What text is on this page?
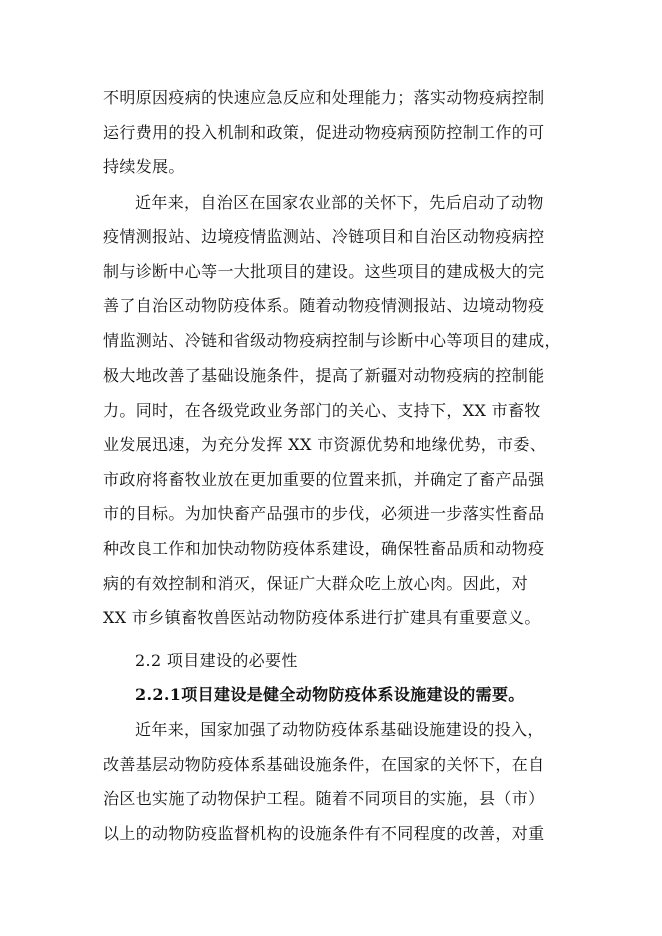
不明原因疫病的快速应急反应和处理能力；落实动物疫病控制
运行费用的投入机制和政策，促进动物疫病预防控制工作的可
持续发展。
近年来，自治区在国家农业部的关怀下，先后启动了动物
疫情测报站、边境疫情监测站、冷链项目和自治区动物疫病控
制与诊断中心等一大批项目的建设。这些项目的建成极大的完
善了自治区动物防疫体系。随着动物疫情测报站、边境动物疫
情监测站、冷链和省级动物疫病控制与诊断中心等项目的建成，
极大地改善了基础设施条件，提高了新疆对动物疫病的控制能
力。同时，在各级党政业务部门的关心、支持下，XX 市畜牧
业发展迅速，为充分发挥 XX 市资源优势和地缘优势，市委、
市政府将畜牧业放在更加重要的位置来抓，并确定了畜产品强
市的目标。为加快畜产品强市的步伐，必须进一步落实性畜品
种改良工作和加快动物防疫体系建设，确保牲畜品质和动物疫
病的有效控制和消灭，保证广大群众吃上放心肉。因此，对
XX 市乡镇畜牧兽医站动物防疫体系进行扩建具有重要意义。
2.2 项目建设的必要性
2.2.1项目建设是健全动物防疫体系设施建设的需要。
近年来，国家加强了动物防疫体系基础设施建设的投入，
改善基层动物防疫体系基础设施条件，在国家的关怀下，在自
治区也实施了动物保护工程。随着不同项目的实施，县（市）
以上的动物防疫监督机构的设施条件有不同程度的改善，对重
